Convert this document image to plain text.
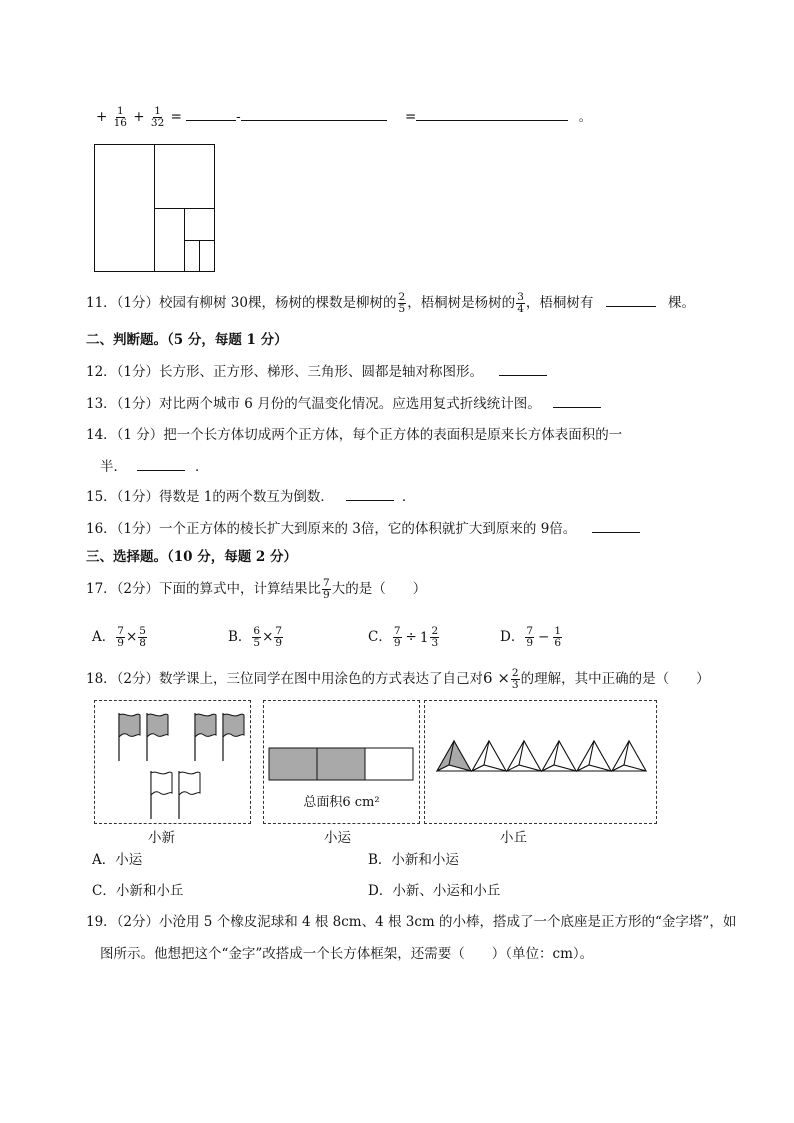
+ $\frac{1}{16} + \frac{1}{32}$ =	-	=	。
11．（1分）校园有柳树 30棵，杨树的棵数是柳树的 $\frac{2}{5}$ ，梧桐树是杨树的 $\frac{3}{4}$ ，梧桐树有	棵。
二、判断题。（5 分，每题 1 分）
12．（1分）长方形、正方形、梯形、三角形、圆都是轴对称图形。
13．（1分）对比两个城市 6 月份的气温变化情况。应选用复式折线统计图。
14．（1 分）把一个长方体切成两个正方体，每个正方体的表面积是原来长方体表面积的一
半．	．
15．（1分）得数是 1的两个数互为倒数．	．
16．（1分）一个正方体的棱长扩大到原来的 3倍，它的体积就扩大到原来的 9倍。
三、选择题。（10 分，每题 2 分）
17．（2分）下面的算式中，计算结果比 $\frac{7}{9}$ 大的是（　　）
A． $\frac{7}{9} \times \frac{5}{8}$	B． $\frac{6}{5} \times \frac{7}{9}$	C． $\frac{7}{9} \div 1 \frac{2}{3}$	D． $\frac{7}{9} - \frac{1}{6}$
18．（2分）数学课上，三位同学在图中用涂色的方式表达了自己对$6 \times \frac{2}{3}$ 的理解，其中正确的是（　　）
总面积6 cm²
小新	小运	小丘
A．小运	B．小新和小运
C．小新和小丘	D．小新、小运和小丘
19．（2分）小沧用 5 个橡皮泥球和 4 根 8cm、4 根 3cm 的小棒，搭成了一个底座是正方形的“金字塔”，如
图所示。他想把这个“金字”改搭成一个长方体框架，还需要（　　）（单位：cm）。
